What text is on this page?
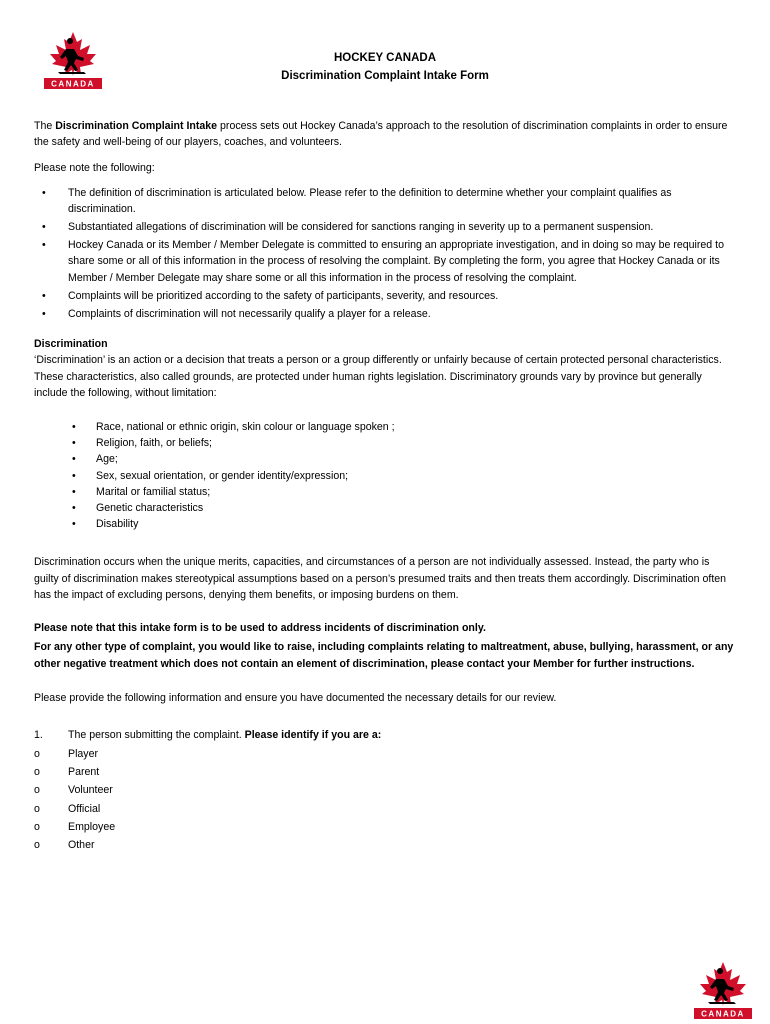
CANADA
HOCKEY CANADA
Discrimination Complaint Intake Form

The Discrimination Complaint Intake process sets out Hockey Canada’s approach to the resolution of discrimination complaints in order to ensure the safety and well-being of our players, coaches, and volunteers.

Please note the following:

• The definition of discrimination is articulated below. Please refer to the definition to determine whether your complaint qualifies as discrimination.
• Substantiated allegations of discrimination will be considered for sanctions ranging in severity up to a permanent suspension.
• Hockey Canada or its Member / Member Delegate is committed to ensuring an appropriate investigation, and in doing so may be required to share some or all of this information in the process of resolving the complaint. By completing the form, you agree that Hockey Canada or its Member / Member Delegate may share some or all this information in the process of resolving the complaint.
• Complaints will be prioritized according to the safety of participants, severity, and resources.
• Complaints of discrimination will not necessarily qualify a player for a release.

Discrimination

‘Discrimination’ is an action or a decision that treats a person or a group differently or unfairly because of certain protected personal characteristics. These characteristics, also called grounds, are protected under human rights legislation. Discriminatory grounds vary by province but generally include the following, without limitation:

• Race, national or ethnic origin, skin colour or language spoken ;
• Religion, faith, or beliefs;
• Age;
• Sex, sexual orientation, or gender identity/expression;
• Marital or familial status;
• Genetic characteristics
• Disability

Discrimination occurs when the unique merits, capacities, and circumstances of a person are not individually assessed. Instead, the party who is guilty of discrimination makes stereotypical assumptions based on a person’s presumed traits and then treats them accordingly. Discrimination often has the impact of excluding persons, denying them benefits, or imposing burdens on them.

Please note that this intake form is to be used to address incidents of discrimination only.

For any other type of complaint, you would like to raise, including complaints relating to maltreatment, abuse, bullying, harassment, or any other negative treatment which does not contain an element of discrimination, please contact your Member for further instructions.

Please provide the following information and ensure you have documented the necessary details for our review.

1. The person submitting the complaint. Please identify if you are a:
o	Player
o	Parent
o	Volunteer
o	Official
o	Employee
o	Other
CANADA
